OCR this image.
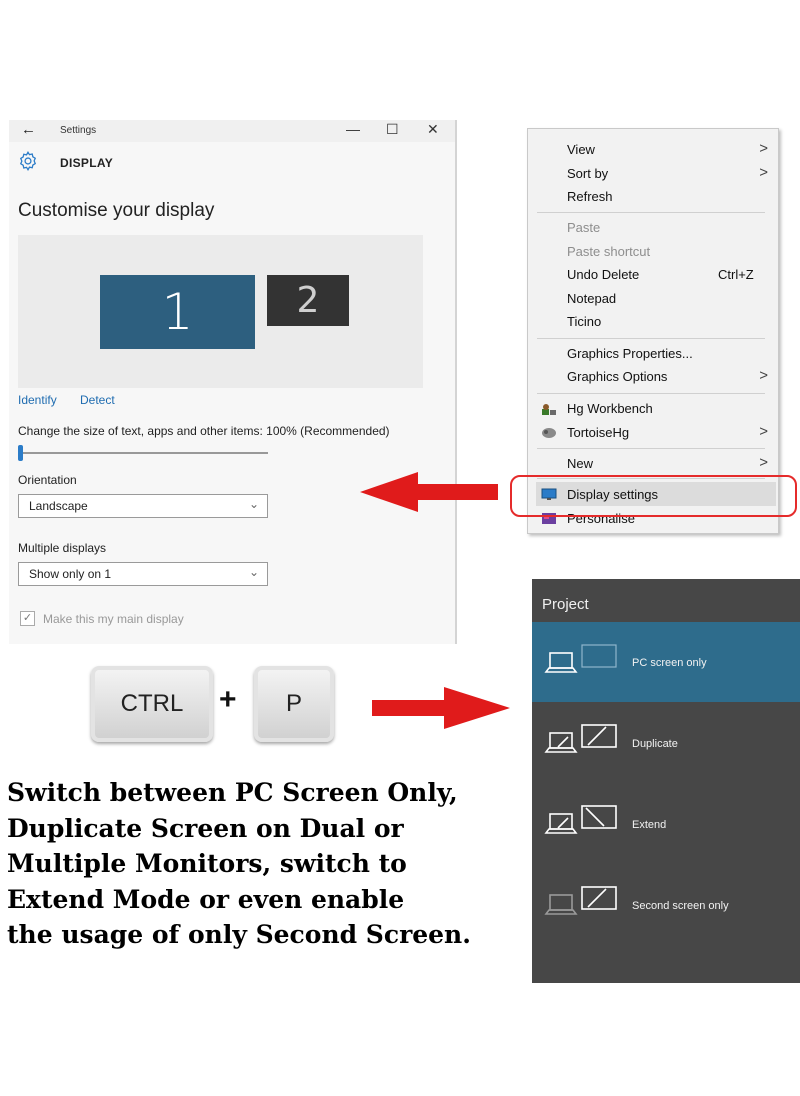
← Settings	— ☐ ✕
DISPLAY
Customise your display
1	2
Identify Detect
Change the size of text, apps and other items: 100% (Recommended)
Orientation
Landscape	⌄
Multiple displays
Show only on 1	⌄
✓ Make this my main display
View	>
Sort by	>
Refresh
Paste
Paste shortcut
Undo Delete	Ctrl+Z
Notepad
Ticino
Graphics Properties...
Graphics Options	>
Hg Workbench
TortoiseHg	>
New	>
Display settings
Personalise
CTRL	+	P
Switch between PC Screen Only,
Duplicate Screen on Dual or
Multiple Monitors, switch to
Extend Mode or even enable
the usage of only Second Screen.
Project
PC screen only
Duplicate
Extend
Second screen only
